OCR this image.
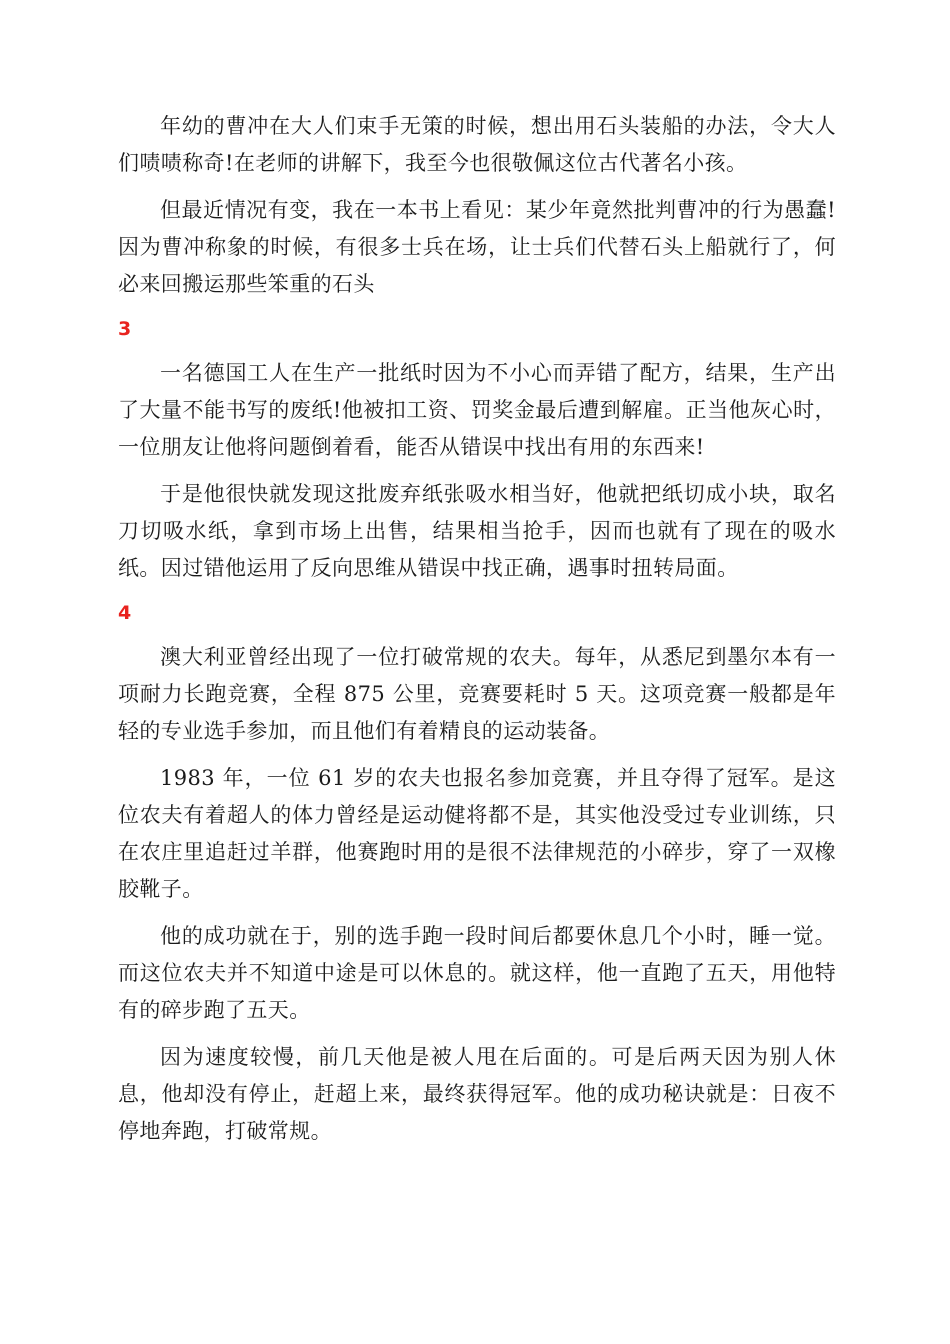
年幼的曹冲在大人们束手无策的时候，想出用石头装船的办法，令大人们啧啧称奇!在老师的讲解下，我至今也很敬佩这位古代著名小孩。

但最近情况有变，我在一本书上看见：某少年竟然批判曹冲的行为愚蠢!因为曹冲称象的时候，有很多士兵在场，让士兵们代替石头上船就行了，何必来回搬运那些笨重的石头

3

一名德国工人在生产一批纸时因为不小心而弄错了配方，结果，生产出了大量不能书写的废纸!他被扣工资、罚奖金最后遭到解雇。正当他灰心时，一位朋友让他将问题倒着看，能否从错误中找出有用的东西来!

于是他很快就发现这批废弃纸张吸水相当好，他就把纸切成小块，取名刀切吸水纸，拿到市场上出售，结果相当抢手，因而也就有了现在的吸水纸。因过错他运用了反向思维从错误中找正确，遇事时扭转局面。

4

澳大利亚曾经出现了一位打破常规的农夫。每年，从悉尼到墨尔本有一项耐力长跑竞赛，全程 875 公里，竞赛要耗时 5 天。这项竞赛一般都是年轻的专业选手参加，而且他们有着精良的运动装备。

1983 年，一位 61 岁的农夫也报名参加竞赛，并且夺得了冠军。是这位农夫有着超人的体力曾经是运动健将都不是，其实他没受过专业训练，只在农庄里追赶过羊群，他赛跑时用的是很不法律规范的小碎步，穿了一双橡胶靴子。

他的成功就在于，别的选手跑一段时间后都要休息几个小时，睡一觉。而这位农夫并不知道中途是可以休息的。就这样，他一直跑了五天，用他特有的碎步跑了五天。

因为速度较慢，前几天他是被人甩在后面的。可是后两天因为别人休息，他却没有停止，赶超上来，最终获得冠军。他的成功秘诀就是：日夜不停地奔跑，打破常规。
